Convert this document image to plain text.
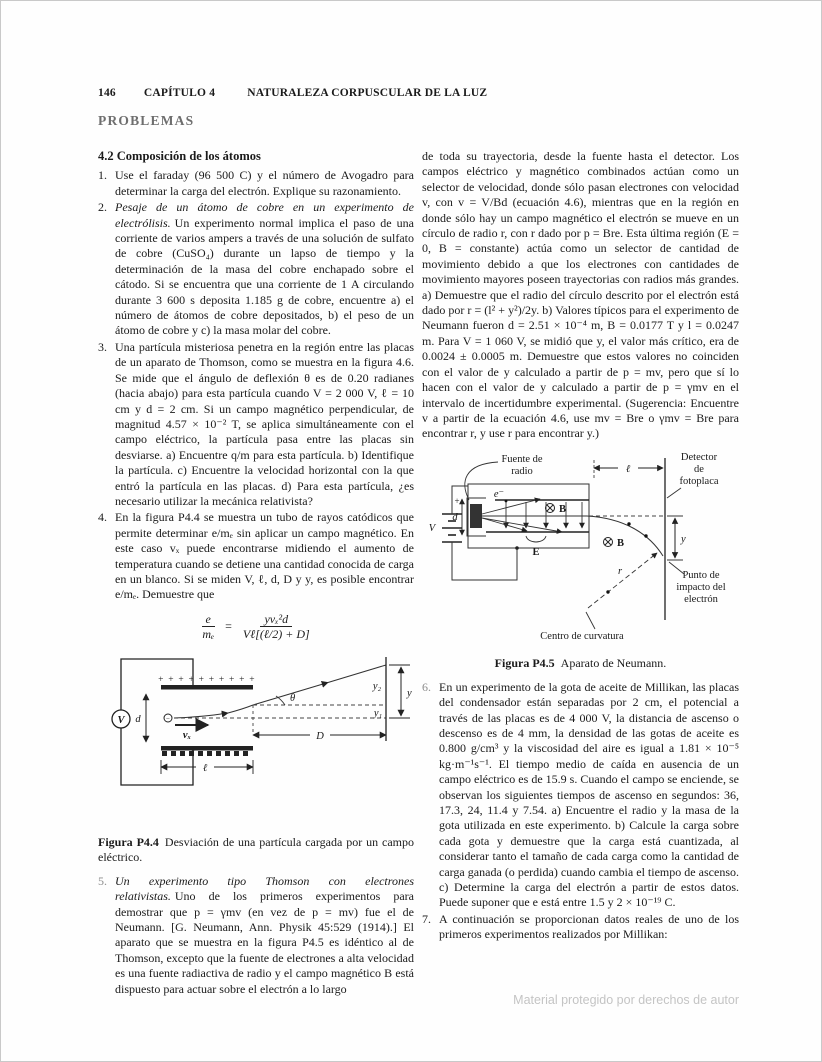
146 CAPÍTULO 4	NATURALEZA CORPUSCULAR DE LA LUZ
PROBLEMAS
4.2 Composición de los átomos
1. Use el faraday (96 500 C) y el número de Avogadro para determinar la carga del electrón. Explique su razonamiento.
2. Pesaje de un átomo de cobre en un experimento de electrólisis. Un experimento normal implica el paso de una corriente de varios ampers a través de una solución de sulfato de cobre (CuSO₄) durante un lapso de tiempo y la determinación de la masa del cobre enchapado sobre el cátodo. Si se encuentra que una corriente de 1 A circulando durante 3 600 s deposita 1.185 g de cobre, encuentre a) el número de átomos de cobre depositados, b) el peso de un átomo de cobre y c) la masa molar del cobre.
3. Una partícula misteriosa penetra en la región entre las placas de un aparato de Thomson, como se muestra en la figura 4.6. Se mide que el ángulo de deflexión θ es de 0.20 radianes (hacia abajo) para esta partícula cuando V = 2 000 V, ℓ = 10 cm y d = 2 cm. Si un campo magnético perpendicular, de magnitud 4.57 × 10⁻² T, se aplica simultáneamente con el campo eléctrico, la partícula pasa entre las placas sin desviarse. a) Encuentre q/m para esta partícula. b) Identifique la partícula. c) Encuentre la velocidad horizontal con la que entró la partícula en las placas. d) Para esta partícula, ¿es necesario utilizar la mecánica relativista?
4. En la figura P4.4 se muestra un tubo de rayos catódicos que permite determinar e/mₑ sin aplicar un campo magnético. En este caso vₓ puede encontrarse midiendo el aumento de temperatura cuando se detiene una cantidad conocida de carga en un blanco. Si se miden V, ℓ, d, D y y, es posible encontrar e/mₑ. Demuestre que
$\frac{e}{\text{mₑ}} = \frac{\text{yvₓ²d}}{\text{Vℓ[(ℓ/2) + D]}}$
V
+ + + + + + + + + +
d	−
vₓ
θ
y₂
y₁
y
D
ℓ
Figura P4.4 Desviación de una partícula cargada por un campo eléctrico.
5. Un experimento tipo Thomson con electrones relativistas. Uno de los primeros experimentos para demostrar que p = γmv (en vez de p = mv) fue el de Neumann. [G. Neumann, Ann. Physik 45:529 (1914).] El aparato que se muestra en la figura P4.5 es idéntico al de Thomson, excepto que la fuente de electrones a alta velocidad es una fuente radiactiva de radio y el campo magnético B está dispuesto para actuar sobre el electrón a lo largo
de toda su trayectoria, desde la fuente hasta el detector. Los campos eléctrico y magnético combinados actúan como un selector de velocidad, donde sólo pasan electrones con velocidad v, con v = V/Bd (ecuación 4.6), mientras que en la región en donde sólo hay un campo magnético el electrón se mueve en un círculo de radio r, con r dado por p = Bre. Esta última región (E = 0, B = constante) actúa como un selector de cantidad de movimiento debido a que los electrones con cantidades de movimiento mayores poseen trayectorias con radios más grandes. a) Demuestre que el radio del círculo descrito por el electrón está dado por r = (l² + y²)/2y. b) Valores típicos para el experimento de Neumann fueron d = 2.51 × 10⁻⁴ m, B = 0.0177 T y l = 0.0247 m. Para V = 1 060 V, se midió que y, el valor más crítico, era de 0.0024 ± 0.0005 m. Demuestre que estos valores no coinciden con el valor de y calculado a partir de p = mv, pero que sí lo hacen con el valor de y calculado a partir de p = γmv en el intervalo de incertidumbre experimental. (Sugerencia: Encuentre v a partir de la ecuación 4.6, use mv = Bre o γmv = Bre para encontrar r, y use r para encontrar y.)
Fuente de
radio
Detector
de
fotoplaca
ℓ
E
V
+
d
e⁻
B
B	y
Punto de
impacto del
electrón
r
Centro de curvatura
Figura P4.5 Aparato de Neumann.
6. En un experimento de la gota de aceite de Millikan, las placas del condensador están separadas por 2 cm, el potencial a través de las placas es de 4 000 V, la distancia de ascenso o descenso es de 4 mm, la densidad de las gotas de aceite es 0.800 g/cm³ y la viscosidad del aire es igual a 1.81 × 10⁻⁵ kg·m⁻¹s⁻¹. El tiempo medio de caída en ausencia de un campo eléctrico es de 15.9 s. Cuando el campo se enciende, se observan los siguientes tiempos de ascenso en segundos: 36, 17.3, 24, 11.4 y 7.54. a) Encuentre el radio y la masa de la gota utilizada en este experimento. b) Calcule la carga sobre cada gota y demuestre que la carga está cuantizada, al considerar tanto el tamaño de cada carga como la cantidad de carga ganada (o perdida) cuando cambia el tiempo de ascenso. c) Determine la carga del electrón a partir de estos datos. Puede suponer que e está entre 1.5 y 2 × 10⁻¹⁹ C.
7. A continuación se proporcionan datos reales de uno de los primeros experimentos realizados por Millikan:
Material protegido por derechos de autor
